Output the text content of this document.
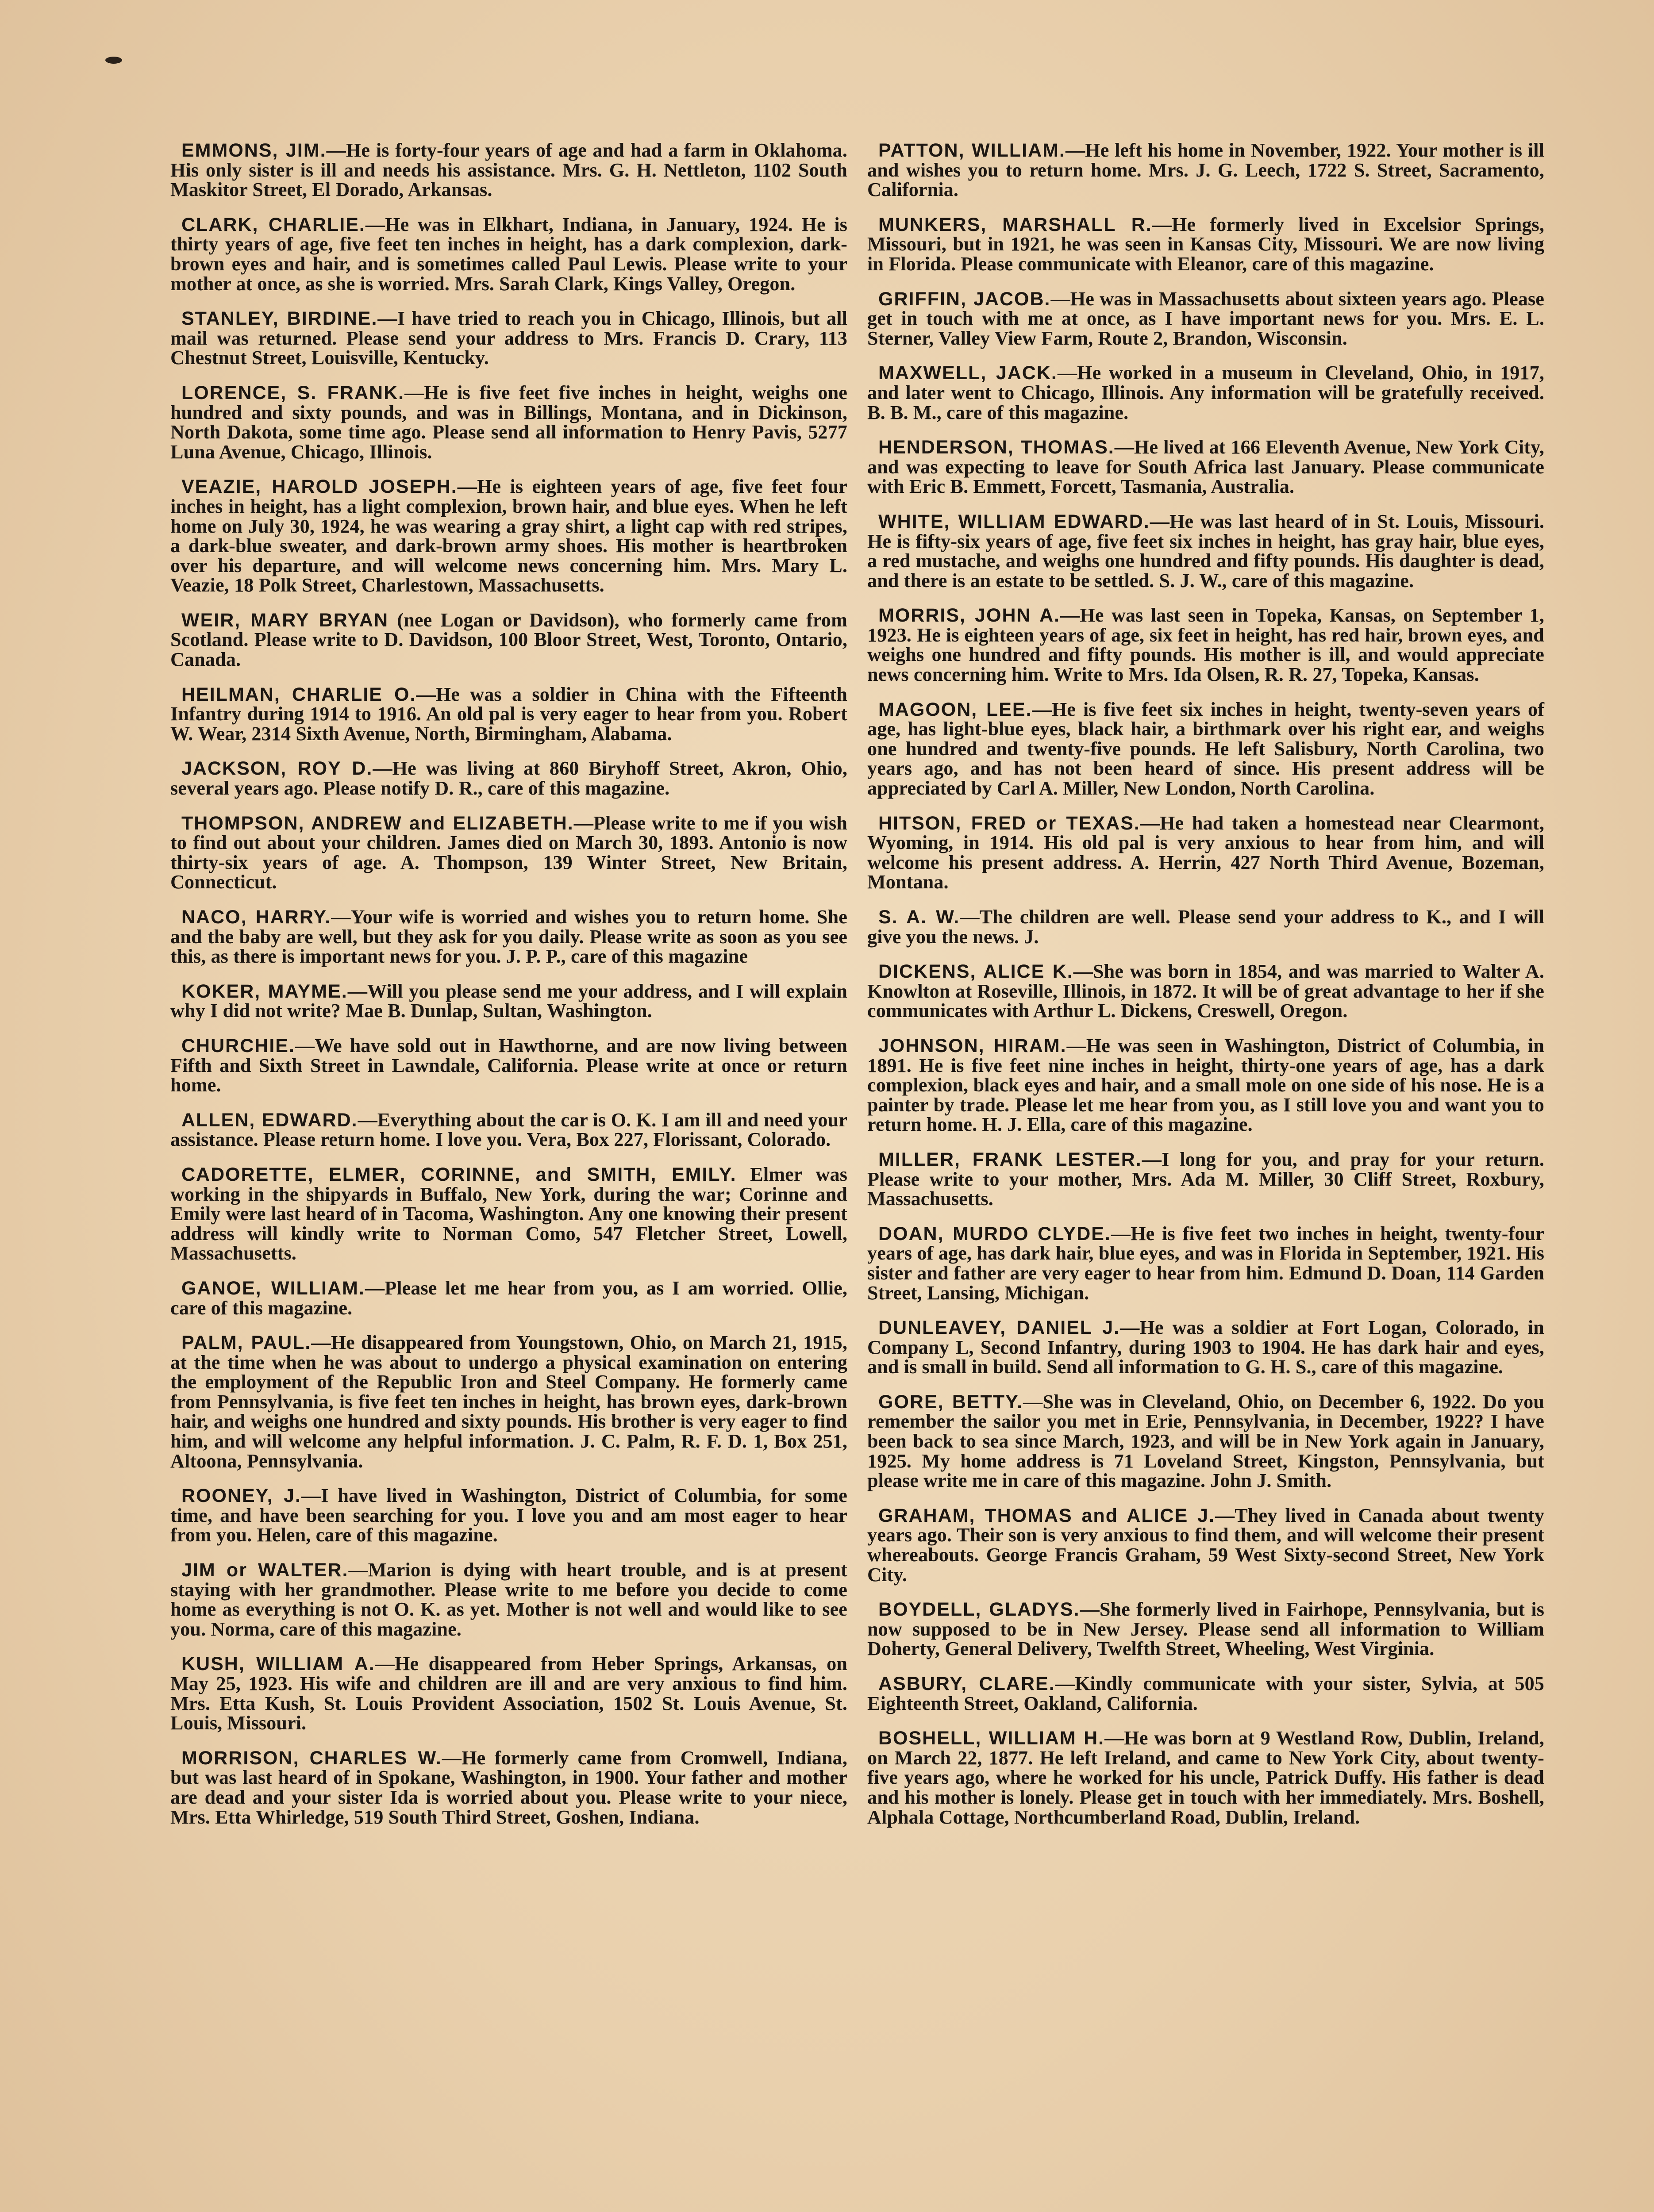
EMMONS, JIM.—He is forty-four years of age and had a farm in Oklahoma. His only sister is ill and needs his assistance. Mrs. G. H. Nettleton, 1102 South Maskitor Street, El Dorado, Arkansas.

CLARK, CHARLIE.—He was in Elkhart, Indiana, in January, 1924. He is thirty years of age, five feet ten inches in height, has a dark complexion, dark-brown eyes and hair, and is sometimes called Paul Lewis. Please write to your mother at once, as she is worried. Mrs. Sarah Clark, Kings Valley, Oregon.

STANLEY, BIRDINE.—I have tried to reach you in Chicago, Illinois, but all mail was returned. Please send your address to Mrs. Francis D. Crary, 113 Chestnut Street, Louisville, Kentucky.

LORENCE, S. FRANK.—He is five feet five inches in height, weighs one hundred and sixty pounds, and was in Billings, Montana, and in Dickinson, North Dakota, some time ago. Please send all information to Henry Pavis, 5277 Luna Avenue, Chicago, Illinois.

VEAZIE, HAROLD JOSEPH.—He is eighteen years of age, five feet four inches in height, has a light complexion, brown hair, and blue eyes. When he left home on July 30, 1924, he was wearing a gray shirt, a light cap with red stripes, a dark-blue sweater, and dark-brown army shoes. His mother is heartbroken over his departure, and will welcome news concerning him. Mrs. Mary L. Veazie, 18 Polk Street, Charlestown, Massachusetts.

WEIR, MARY BRYAN (nee Logan or Davidson), who formerly came from Scotland. Please write to D. Davidson, 100 Bloor Street, West, Toronto, Ontario, Canada.

HEILMAN, CHARLIE O.—He was a soldier in China with the Fifteenth Infantry during 1914 to 1916. An old pal is very eager to hear from you. Robert W. Wear, 2314 Sixth Avenue, North, Birmingham, Alabama.

JACKSON, ROY D.—He was living at 860 Biryhoff Street, Akron, Ohio, several years ago. Please notify D. R., care of this magazine.

THOMPSON, ANDREW and ELIZABETH.—Please write to me if you wish to find out about your children. James died on March 30, 1893. Antonio is now thirty-six years of age. A. Thompson, 139 Winter Street, New Britain, Connecticut.

NACO, HARRY.—Your wife is worried and wishes you to return home. She and the baby are well, but they ask for you daily. Please write as soon as you see this, as there is important news for you. J. P. P., care of this magazine

KOKER, MAYME.—Will you please send me your address, and I will explain why I did not write? Mae B. Dunlap, Sultan, Washington.

CHURCHIE.—We have sold out in Hawthorne, and are now living between Fifth and Sixth Street in Lawndale, California. Please write at once or return home.

ALLEN, EDWARD.—Everything about the car is O. K. I am ill and need your assistance. Please return home. I love you. Vera, Box 227, Florissant, Colorado.

CADORETTE, ELMER, CORINNE, and SMITH, EMILY. Elmer was working in the shipyards in Buffalo, New York, during the war; Corinne and Emily were last heard of in Tacoma, Washington. Any one knowing their present address will kindly write to Norman Como, 547 Fletcher Street, Lowell, Massachusetts.

GANOE, WILLIAM.—Please let me hear from you, as I am worried. Ollie, care of this magazine.

PALM, PAUL.—He disappeared from Youngstown, Ohio, on March 21, 1915, at the time when he was about to undergo a physical examination on entering the employment of the Republic Iron and Steel Company. He formerly came from Pennsylvania, is five feet ten inches in height, has brown eyes, dark-brown hair, and weighs one hundred and sixty pounds. His brother is very eager to find him, and will welcome any helpful information. J. C. Palm, R. F. D. 1, Box 251, Altoona, Pennsylvania.

ROONEY, J.—I have lived in Washington, District of Columbia, for some time, and have been searching for you. I love you and am most eager to hear from you. Helen, care of this magazine.

JIM or WALTER.—Marion is dying with heart trouble, and is at present staying with her grandmother. Please write to me before you decide to come home as everything is not O. K. as yet. Mother is not well and would like to see you. Norma, care of this magazine.

KUSH, WILLIAM A.—He disappeared from Heber Springs, Arkansas, on May 25, 1923. His wife and children are ill and are very anxious to find him. Mrs. Etta Kush, St. Louis Provident Association, 1502 St. Louis Avenue, St. Louis, Missouri.

MORRISON, CHARLES W.—He formerly came from Cromwell, Indiana, but was last heard of in Spokane, Washington, in 1900. Your father and mother are dead and your sister Ida is worried about you. Please write to your niece, Mrs. Etta Whirledge, 519 South Third Street, Goshen, Indiana.

PATTON, WILLIAM.—He left his home in November, 1922. Your mother is ill and wishes you to return home. Mrs. J. G. Leech, 1722 S. Street, Sacramento, California.

MUNKERS, MARSHALL R.—He formerly lived in Excelsior Springs, Missouri, but in 1921, he was seen in Kansas City, Missouri. We are now living in Florida. Please communicate with Eleanor, care of this magazine.

GRIFFIN, JACOB.—He was in Massachusetts about sixteen years ago. Please get in touch with me at once, as I have important news for you. Mrs. E. L. Sterner, Valley View Farm, Route 2, Brandon, Wisconsin.

MAXWELL, JACK.—He worked in a museum in Cleveland, Ohio, in 1917, and later went to Chicago, Illinois. Any information will be gratefully received. B. B. M., care of this magazine.

HENDERSON, THOMAS.—He lived at 166 Eleventh Avenue, New York City, and was expecting to leave for South Africa last January. Please communicate with Eric B. Emmett, Forcett, Tasmania, Australia.

WHITE, WILLIAM EDWARD.—He was last heard of in St. Louis, Missouri. He is fifty-six years of age, five feet six inches in height, has gray hair, blue eyes, a red mustache, and weighs one hundred and fifty pounds. His daughter is dead, and there is an estate to be settled. S. J. W., care of this magazine.

MORRIS, JOHN A.—He was last seen in Topeka, Kansas, on September 1, 1923. He is eighteen years of age, six feet in height, has red hair, brown eyes, and weighs one hundred and fifty pounds. His mother is ill, and would appreciate news concerning him. Write to Mrs. Ida Olsen, R. R. 27, Topeka, Kansas.

MAGOON, LEE.—He is five feet six inches in height, twenty-seven years of age, has light-blue eyes, black hair, a birthmark over his right ear, and weighs one hundred and twenty-five pounds. He left Salisbury, North Carolina, two years ago, and has not been heard of since. His present address will be appreciated by Carl A. Miller, New London, North Carolina.

HITSON, FRED or TEXAS.—He had taken a homestead near Clearmont, Wyoming, in 1914. His old pal is very anxious to hear from him, and will welcome his present address. A. Herrin, 427 North Third Avenue, Bozeman, Montana.

S. A. W.—The children are well. Please send your address to K., and I will give you the news. J.

DICKENS, ALICE K.—She was born in 1854, and was married to Walter A. Knowlton at Roseville, Illinois, in 1872. It will be of great advantage to her if she communicates with Arthur L. Dickens, Creswell, Oregon.

JOHNSON, HIRAM.—He was seen in Washington, District of Columbia, in 1891. He is five feet nine inches in height, thirty-one years of age, has a dark complexion, black eyes and hair, and a small mole on one side of his nose. He is a painter by trade. Please let me hear from you, as I still love you and want you to return home. H. J. Ella, care of this magazine.

MILLER, FRANK LESTER.—I long for you, and pray for your return. Please write to your mother, Mrs. Ada M. Miller, 30 Cliff Street, Roxbury, Massachusetts.

DOAN, MURDO CLYDE.—He is five feet two inches in height, twenty-four years of age, has dark hair, blue eyes, and was in Florida in September, 1921. His sister and father are very eager to hear from him. Edmund D. Doan, 114 Garden Street, Lansing, Michigan.

DUNLEAVEY, DANIEL J.—He was a soldier at Fort Logan, Colorado, in Company L, Second Infantry, during 1903 to 1904. He has dark hair and eyes, and is small in build. Send all information to G. H. S., care of this magazine.

GORE, BETTY.—She was in Cleveland, Ohio, on December 6, 1922. Do you remember the sailor you met in Erie, Pennsylvania, in December, 1922? I have been back to sea since March, 1923, and will be in New York again in January, 1925. My home address is 71 Loveland Street, Kingston, Pennsylvania, but please write me in care of this magazine. John J. Smith.

GRAHAM, THOMAS and ALICE J.—They lived in Canada about twenty years ago. Their son is very anxious to find them, and will welcome their present whereabouts. George Francis Graham, 59 West Sixty-second Street, New York City.

BOYDELL, GLADYS.—She formerly lived in Fairhope, Pennsylvania, but is now supposed to be in New Jersey. Please send all information to William Doherty, General Delivery, Twelfth Street, Wheeling, West Virginia.

ASBURY, CLARE.—Kindly communicate with your sister, Sylvia, at 505 Eighteenth Street, Oakland, California.

BOSHELL, WILLIAM H.—He was born at 9 Westland Row, Dublin, Ireland, on March 22, 1877. He left Ireland, and came to New York City, about twenty-five years ago, where he worked for his uncle, Patrick Duffy. His father is dead and his mother is lonely. Please get in touch with her immediately. Mrs. Boshell, Alphala Cottage, Northcumberland Road, Dublin, Ireland.
